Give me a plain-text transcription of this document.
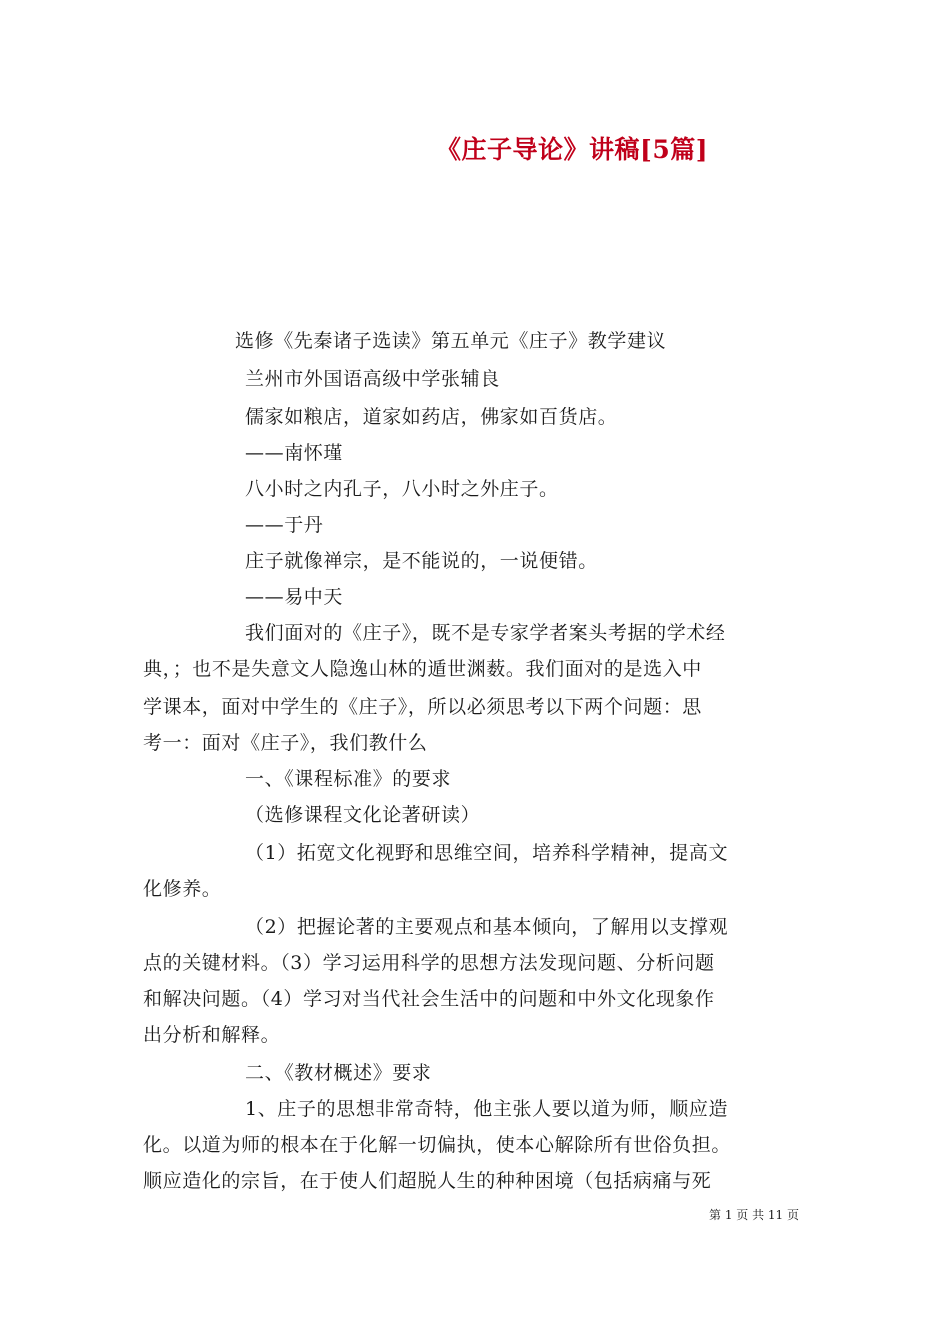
《庄子导论》讲稿[5篇]
选修《先秦诸子选读》第五单元《庄子》教学建议
兰州市外国语高级中学张辅良
儒家如粮店，道家如药店，佛家如百货店。
——南怀瑾
八小时之内孔子，八小时之外庄子。
——于丹
庄子就像禅宗，是不能说的，一说便错。
——易中天
我们面对的《庄子》，既不是专家学者案头考据的学术经
典，；也不是失意文人隐逸山林的遁世渊薮。我们面对的是选入中
学课本，面对中学生的《庄子》，所以必须思考以下两个问题：思
考一：面对《庄子》，我们教什么
一、《课程标准》的要求
（选修课程文化论著研读）
（1）拓宽文化视野和思维空间，培养科学精神，提高文
化修养。
（2）把握论著的主要观点和基本倾向，了解用以支撑观
点的关键材料。（3）学习运用科学的思想方法发现问题、分析问题
和解决问题。（4）学习对当代社会生活中的问题和中外文化现象作
出分析和解释。
二、《教材概述》要求
1、庄子的思想非常奇特，他主张人要以道为师，顺应造
化。以道为师的根本在于化解一切偏执，使本心解除所有世俗负担。
顺应造化的宗旨，在于使人们超脱人生的种种困境（包括病痛与死
第 1 页 共 11 页
